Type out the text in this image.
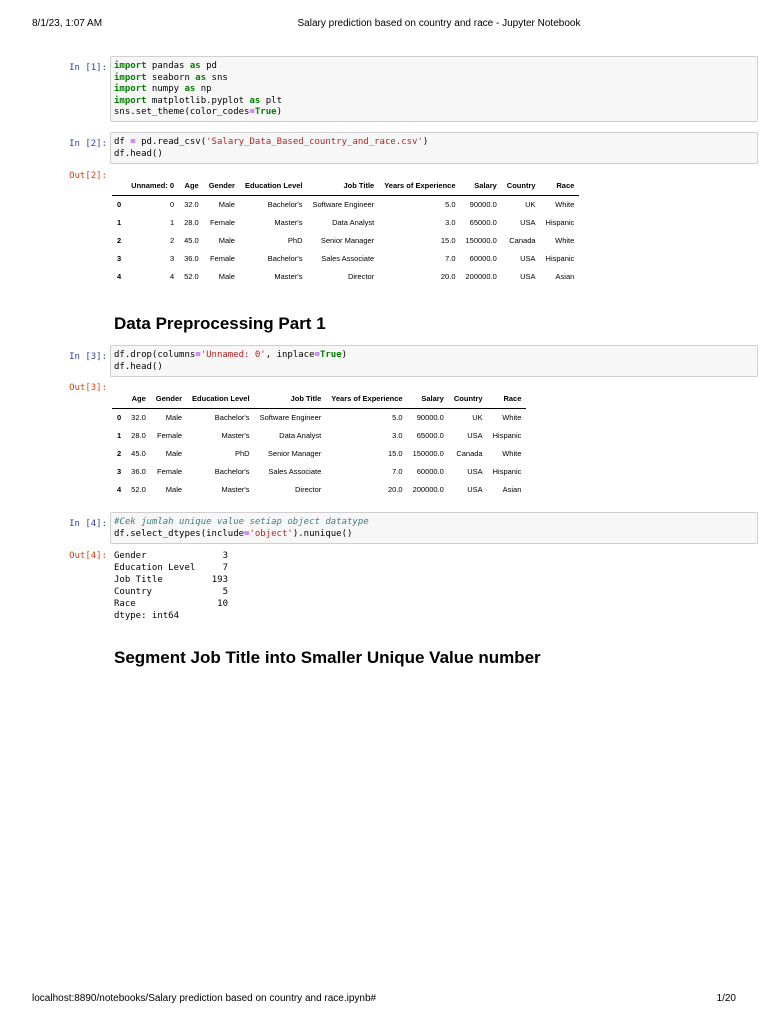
8/1/23, 1:07 AM	Salary prediction based on country and race - Jupyter Notebook
In [1]: import pandas as pd
import seaborn as sns
import numpy as np
import matplotlib.pyplot as plt
sns.set_theme(color_codes=True)
In [2]: df = pd.read_csv('Salary_Data_Based_country_and_race.csv')
df.head()
Out[2]:
	Unnamed: 0	Age	Gender	Education Level	Job Title	Years of Experience	Salary	Country	Race
0	0	32.0	Male	Bachelor's	Software Engineer	5.0	90000.0	UK	White
1	1	28.0	Female	Master's	Data Analyst	3.0	65000.0	USA	Hispanic
2	2	45.0	Male	PhD	Senior Manager	15.0	150000.0	Canada	White
3	3	36.0	Female	Bachelor's	Sales Associate	7.0	60000.0	USA	Hispanic
4	4	52.0	Male	Master's	Director	20.0	200000.0	USA	Asian
Data Preprocessing Part 1
In [3]: df.drop(columns='Unnamed: 0', inplace=True)
df.head()
Out[3]:
	Age	Gender	Education Level	Job Title	Years of Experience	Salary	Country	Race
0	32.0	Male	Bachelor's	Software Engineer	5.0	90000.0	UK	White
1	28.0	Female	Master's	Data Analyst	3.0	65000.0	USA	Hispanic
2	45.0	Male	PhD	Senior Manager	15.0	150000.0	Canada	White
3	36.0	Female	Bachelor's	Sales Associate	7.0	60000.0	USA	Hispanic
4	52.0	Male	Master's	Director	20.0	200000.0	USA	Asian
In [4]: #Cek jumlah unique value setiap object datatype
df.select_dtypes(include='object').nunique()
Out[4]: Gender	3
Education Level	7
Job Title	193
Country	5
Race	10
dtype: int64
Segment Job Title into Smaller Unique Value number
localhost:8890/notebooks/Salary prediction based on country and race.ipynb#	1/20
